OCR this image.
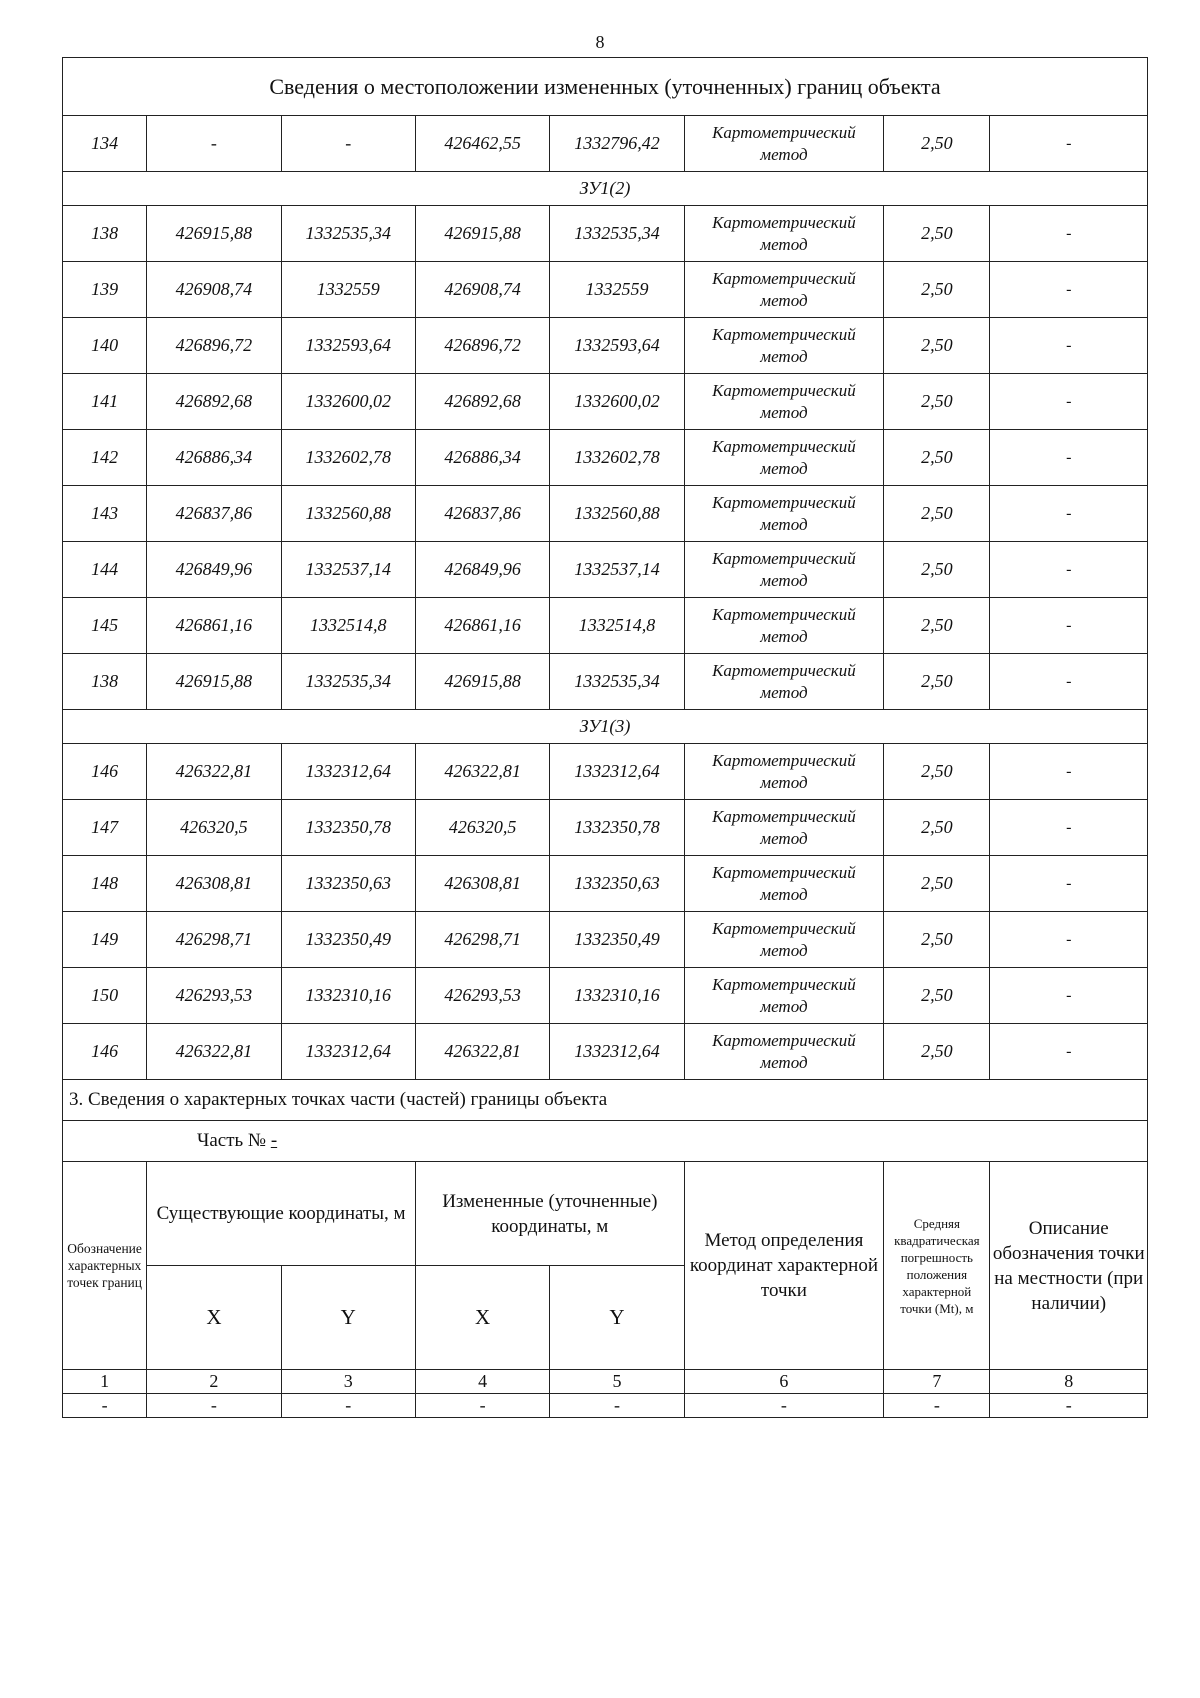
8
Сведения о местоположении измененных (уточненных) границ объекта							
134	-	-	426462,55	1332796,42	Картометрический метод	2,50	-
ЗУ1(2)							
138	426915,88	1332535,34	426915,88	1332535,34	Картометрический метод	2,50	-
139	426908,74	1332559	426908,74	1332559	Картометрический метод	2,50	-
140	426896,72	1332593,64	426896,72	1332593,64	Картометрический метод	2,50	-
141	426892,68	1332600,02	426892,68	1332600,02	Картометрический метод	2,50	-
142	426886,34	1332602,78	426886,34	1332602,78	Картометрический метод	2,50	-
143	426837,86	1332560,88	426837,86	1332560,88	Картометрический метод	2,50	-
144	426849,96	1332537,14	426849,96	1332537,14	Картометрический метод	2,50	-
145	426861,16	1332514,8	426861,16	1332514,8	Картометрический метод	2,50	-
138	426915,88	1332535,34	426915,88	1332535,34	Картометрический метод	2,50	-
ЗУ1(3)							
146	426322,81	1332312,64	426322,81	1332312,64	Картометрический метод	2,50	-
147	426320,5	1332350,78	426320,5	1332350,78	Картометрический метод	2,50	-
148	426308,81	1332350,63	426308,81	1332350,63	Картометрический метод	2,50	-
149	426298,71	1332350,49	426298,71	1332350,49	Картометрический метод	2,50	-
150	426293,53	1332310,16	426293,53	1332310,16	Картометрический метод	2,50	-
146	426322,81	1332312,64	426322,81	1332312,64	Картометрический метод	2,50	-
3. Сведения о характерных точках части (частей) границы объекта							
Часть № -							
Обозначение характерных точек границ	Существующие координаты, м		Измененные (уточненные) координаты, м		Метод определения координат характерной точки	Средняя квадратическая погрешность положения характерной точки (Mt), м	Описание обозначения точки на местности (при наличии)
	X	Y	X	Y			
1	2	3	4	5	6	7	8
-	-	-	-	-	-	-	-
